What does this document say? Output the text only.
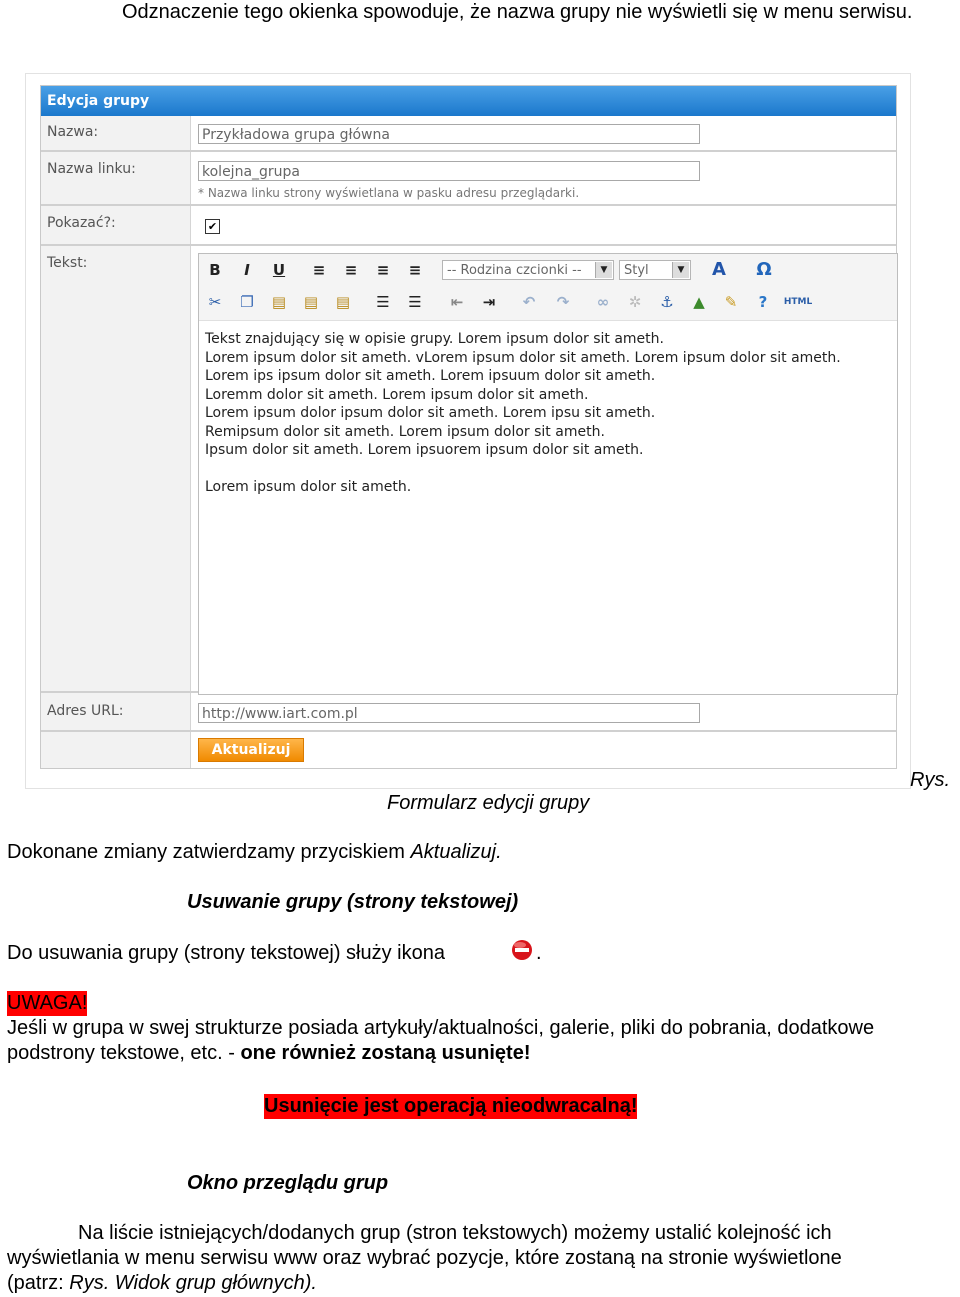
Odznaczenie tego okienka spowoduje, że nazwa grupy nie wyświetli się w menu serwisu.

Edycja grupy
Nazwa:	Przykładowa grupa główna
Nazwa linku:	kolejna_grupa
* Nazwa linku strony wyświetlana w pasku adresu przeglądarki.
Pokazać?:	✔
Tekst:	B	I	U ≡ ≡ ≡ ≡	-- Rodzina czcionki --	▼	Styl	▼ A Ω
✂ ❐ ▤ ▤ ▤ ☰ ☰ ⇤ ⇥ ↶ ↷ ∞ ✲ ⚓ ▲ ✎	?	HTML
Tekst znajdujący się w opisie grupy. Lorem ipsum dolor sit ameth.
Lorem ipsum dolor sit ameth. vLorem ipsum dolor sit ameth. Lorem ipsum dolor sit ameth.
Lorem ips ipsum dolor sit ameth. Lorem ipsuum dolor sit ameth.
Loremm dolor sit ameth. Lorem ipsum dolor sit ameth.
Lorem ipsum dolor ipsum dolor sit ameth. Lorem ipsu sit ameth.
Remipsum dolor sit ameth. Lorem ipsum dolor sit ameth.
Ipsum dolor sit ameth. Lorem ipsuorem ipsum dolor sit ameth.
Lorem ipsum dolor sit ameth.
Adres URL:	http://www.iart.com.pl
Aktualizuj
Rys.
Formularz edycji grupy

Dokonane zmiany zatwierdzamy przyciskiem Aktualizuj.

Usuwanie grupy (strony tekstowej)

Do usuwania grupy (strony tekstowej) służy ikona	.
UWAGA!

Jeśli w grupa w swej strukturze posiada artykuły/aktualności, galerie, pliki do pobrania, dodatkowe

podstrony tekstowe, etc. - one również zostaną usunięte!

Usunięcie jest operacją nieodwracalną!

Okno przeglądu grup

Na liście istniejących/dodanych grup (stron tekstowych) możemy ustalić kolejność ich

wyświetlania w menu serwisu www oraz wybrać pozycje, które zostaną na stronie wyświetlone

(patrz: Rys. Widok grup głównych).
